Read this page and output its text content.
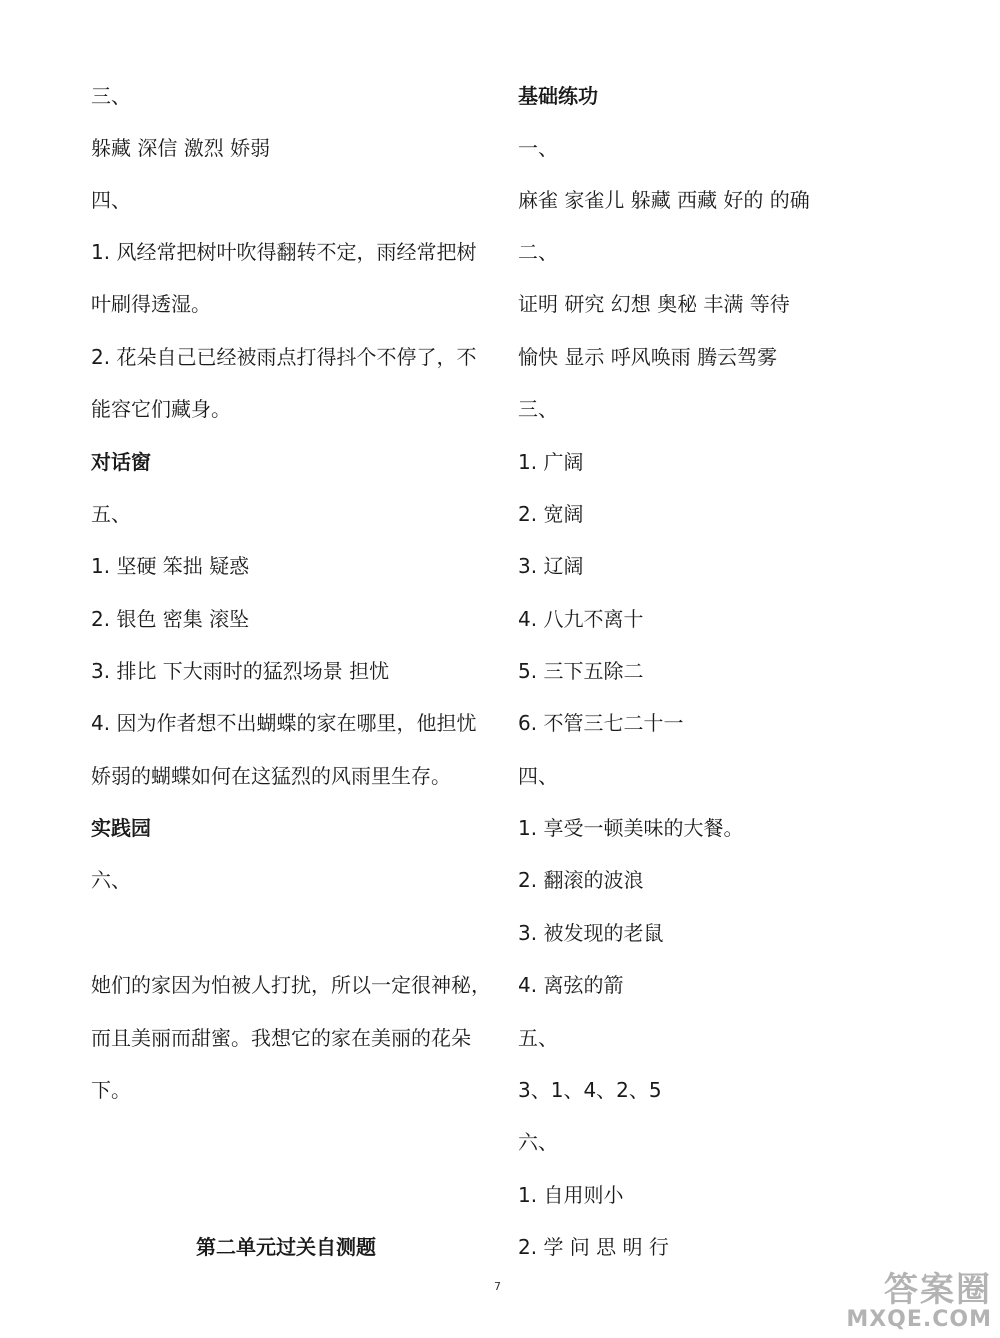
三、
躲藏 深信 激烈 娇弱
四、
1. 风经常把树叶吹得翻转不定，雨经常把树
叶刷得透湿。
2. 花朵自己已经被雨点打得抖个不停了，不
能容它们藏身。
对话窗
五、
1. 坚硬 笨拙 疑惑
2. 银色 密集 滚坠
3. 排比 下大雨时的猛烈场景 担忧
4. 因为作者想不出蝴蝶的家在哪里，他担忧
娇弱的蝴蝶如何在这猛烈的风雨里生存。
实践园
六、
她们的家因为怕被人打扰，所以一定很神秘，
而且美丽而甜蜜。我想它的家在美丽的花朵
下。
第二单元过关自测题
基础练功
一、
麻雀 家雀儿 躲藏 西藏 好的 的确
二、
证明 研究 幻想 奥秘 丰满 等待
愉快 显示 呼风唤雨 腾云驾雾
三、
1. 广阔
2. 宽阔
3. 辽阔
4. 八九不离十
5. 三下五除二
6. 不管三七二十一
四、
1. 享受一顿美味的大餐。
2. 翻滚的波浪
3. 被发现的老鼠
4. 离弦的箭
五、
3、1、4、2、5
六、
1. 自用则小
2. 学 问 思 明 行
7	答案圈
MXQE.COM
